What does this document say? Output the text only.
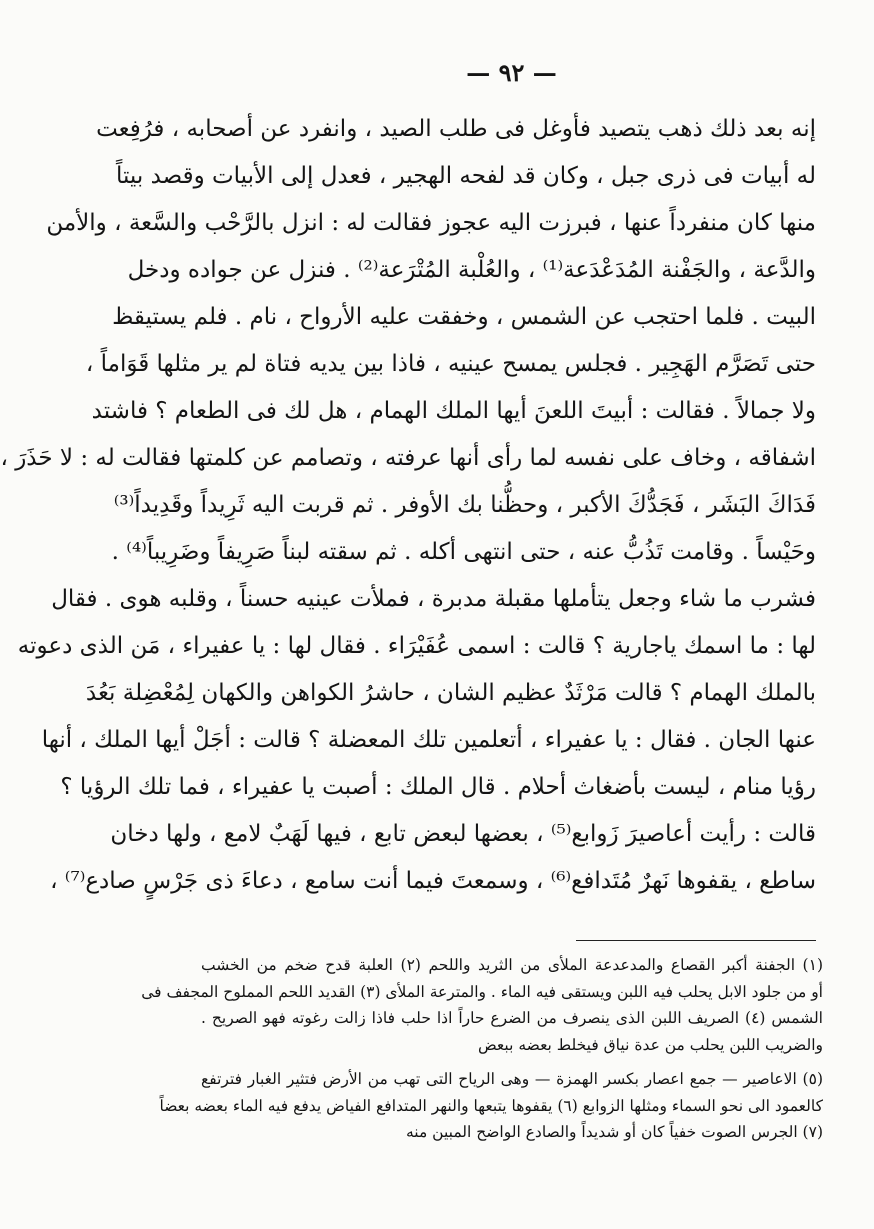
— ٩٢ —
إنه بعد ذلك ذهب يتصيد فأوغل فى طلب الصيد ، وانفرد عن أصحابه ، فرُفِعت
له أبيات فى ذرى جبل ، وكان قد لفحه الهجير ، فعدل إلى الأبيات وقصد بيتاً
منها كان منفرداً عنها ، فبرزت اليه عجوز فقالت له : انزل بالرَّحْب والسَّعة ، والأمن
والدَّعة ، والجَفْنة المُدَعْدَعة⁽¹⁾ ، والعُلْبة المُتْرَعة⁽²⁾ . فنزل عن جواده ودخل
البيت . فلما احتجب عن الشمس ، وخفقت عليه الأرواح ، نام . فلم يستيقظ
حتى تَصَرَّم الهَجِير . فجلس يمسح عينيه ، فاذا بين يديه فتاة لم ير مثلها قَوَاماً ،
ولا جمالاً . فقالت : أبيتَ اللعنَ أيها الملك الهمام ، هل لك فى الطعام ؟ فاشتد
اشفاقه ، وخاف على نفسه لما رأى أنها عرفته ، وتصامم عن كلمتها فقالت له : لا حَذَرَ ،
فَدَاكَ البَشَر ، فَجَدُّكَ الأكبر ، وحظُّنا بك الأوفر . ثم قربت اليه ثَرِيداً وقَدِيداً⁽³⁾
وحَيْساً . وقامت تَذُبُّ عنه ، حتى انتهى أكله . ثم سقته لبناً صَرِيفاً وضَرِيباً⁽⁴⁾ .
فشرب ما شاء وجعل يتأملها مقبلة مدبرة ، فملأت عينيه حسناً ، وقلبه هوى . فقال
لها : ما اسمك ياجارية ؟ قالت : اسمى عُفَيْرَاء . فقال لها : يا عفيراء ، مَن الذى دعوته
بالملك الهمام ؟ قالت مَرْثَدٌ عظيم الشان ، حاشرُ الكواهن والكهان لِمُعْضِلة بَعُدَ
عنها الجان . فقال : يا عفيراء ، أتعلمين تلك المعضلة ؟ قالت : أجَلْ أيها الملك ، أنها
رؤيا منام ، ليست بأضغاث أحلام . قال الملك : أصبت يا عفيراء ، فما تلك الرؤيا ؟
قالت : رأيت أعاصيرَ زَوابع⁽⁵⁾ ، بعضها لبعض تابع ، فيها لَهَبٌ لامع ، ولها دخان
ساطع ، يقفوها نَهرٌ مُتَدافع⁽⁶⁾ ، وسمعتَ فيما أنت سامع ، دعاءَ ذى جَرْسٍ صادع⁽⁷⁾ ،
(١) الجفنة أكبر القصاع والمدعدعة الملأى من الثريد واللحم (٢) العلبة قدح ضخم من الخشب
أو من جلود الابل يحلب فيه اللبن ويستقى فيه الماء . والمترعة الملأى (٣) القديد اللحم المملوح المجفف فى
الشمس (٤) الصريف اللبن الذى ينصرف من الضرع حاراً اذا حلب فاذا زالت رغوته فهو الصريح .
والضريب اللبن يحلب من عدة نياق فيخلط بعضه ببعض
(٥) الاعاصير — جمع اعصار بكسر الهمزة — وهى الرياح التى تهب من الأرض فتثير الغبار فترتفع
كالعمود الى نحو السماء ومثلها الزوابع (٦) يقفوها يتبعها والنهر المتدافع الفياض يدفع فيه الماء بعضه بعضاً
(٧) الجرس الصوت خفياً كان أو شديداً والصادع الواضح المبين منه
